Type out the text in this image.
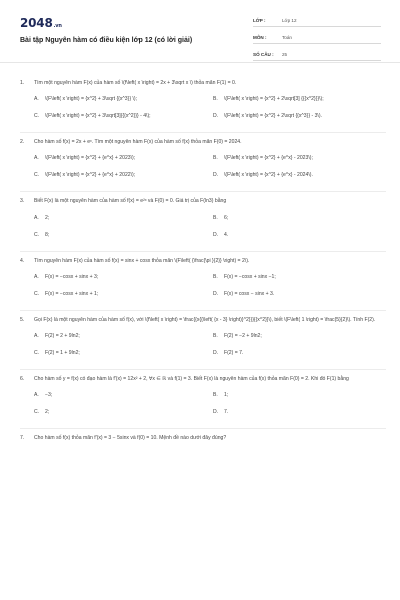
2048.vn
Bài tập Nguyên hàm có điều kiện lớp 12 (có lời giải)
LỚP :	Lớp 12
MÔN :	Toán
SỐ CÂU :	25
1.	Tìm một nguyên hàm F(x) của hàm số \(f\left( x \right) = 2x + 3\sqrt x \) thỏa mãn F(1) = 0.
A.	\(F\left( x \right) = {x^2} + 3\sqrt {{x^3}} \);	B.	\(F\left( x \right) = {x^2} + 2\sqrt[3] {{{x^2}}}\);
C.	\(F\left( x \right) = {x^2} + 3\sqrt[3]{{{x^2}}} - 4\);	D.	\(F\left( x \right) = {x^2} + 2\sqrt {{x^3}} - 3\).
2.	Cho hàm số f(x) = 2x + eˣ. Tìm một nguyên hàm F(x) của hàm số f(x) thỏa mãn F(0) = 2024.
A.	\(F\left( x \right) = {x^2} + {e^x} + 2023\);	B.	\(F\left( x \right) = {x^2} + {e^x} - 2023\);
C.	\(F\left( x \right) = {x^2} + {e^x} + 2022\);	D.	\(F\left( x \right) = {x^2} + {e^x} - 2024\).
3.	Biết F(x) là một nguyên hàm của hàm số f(x) = e²ˣ và F(0) = 0. Giá trị của F(ln3) bằng
A.	2;	B.	6;
C.	8;	D.	4.
4.	Tìm nguyên hàm F(x) của hàm số f(x) = sinx + cosx thỏa mãn \(F\left( {\frac{\pi }{2}} \right) = 2\).
A.	F(x) = −cosx + sinx + 3;	B.	F(x) = −cosx + sinx −1;
C.	F(x) = −cosx + sinx + 1;	D.	F(x) = cosx − sinx + 3.
5.	Gọi F(x) là một nguyên hàm của hàm số f(x), với \(f\left( x \right) = \frac{{x{{\left( {x - 3} \right)}^2}}}{{x^2}}\), biết \(F\left( 1 \right) = \frac{5}{2}\). Tính F(2).
A.	F(2) = 2 + 9ln2;	B.	F(2) = −2 + 9ln2;
C.	F(2) = 1 + 9ln2;	D.	F(2) = 7.
6.	Cho hàm số y = f(x) có đạo hàm là f'(x) = 12x² + 2, ∀x ∈ ℝ và f(1) = 3. Biết F(x) là nguyên hàm của f(x) thỏa mãn F(0) = 2. Khi đó F(1) bằng
A.	−3;	B.	1;
C.	2;	D.	7.
7.	Cho hàm số f(x) thỏa mãn f'(x) = 3 − 5sinx và f(0) = 10. Mệnh đề nào dưới đây đúng?
